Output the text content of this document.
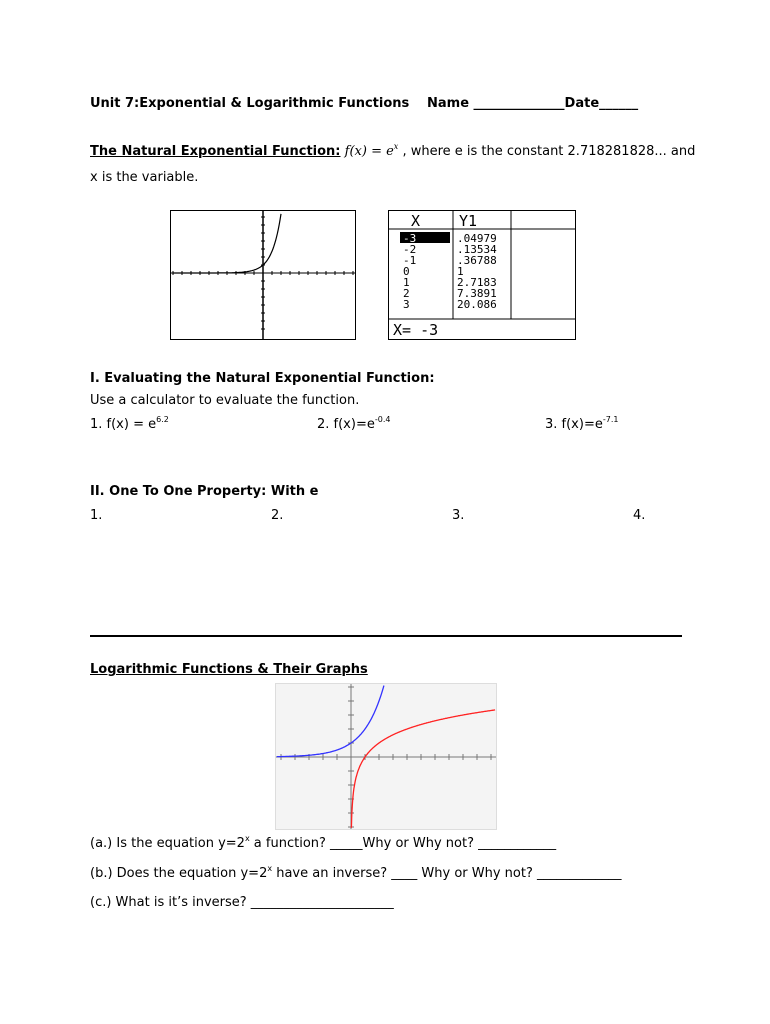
Unit 7:Exponential & Logarithmic Functions Name ______________Date______
The Natural Exponential Function: $f(x) = e^x$ , where e is the constant 2.718281828... and
x is the variable.
X	Y1
-3	.04979
-2	.13534
-1	.36788
0	1
1	2.7183
2	7.3891
3	20.086
X= -3
I. Evaluating the Natural Exponential Function:
Use a calculator to evaluate the function.
1. $f(x) = e^{6.2}$	2. $f(x)=e^{-0.4}$	3. $f(x)=e^{-7.1}$
II. One To One Property: With e
1.	2.	3.	4.
Logarithmic Functions & Their Graphs
(a.) Is the equation $y=2^x$ a function? _____Why or Why not? ____________
(b.) Does the equation $y=2^x$ have an inverse? ____ Why or Why not? _____________
(c.) What is it’s inverse? ______________________
